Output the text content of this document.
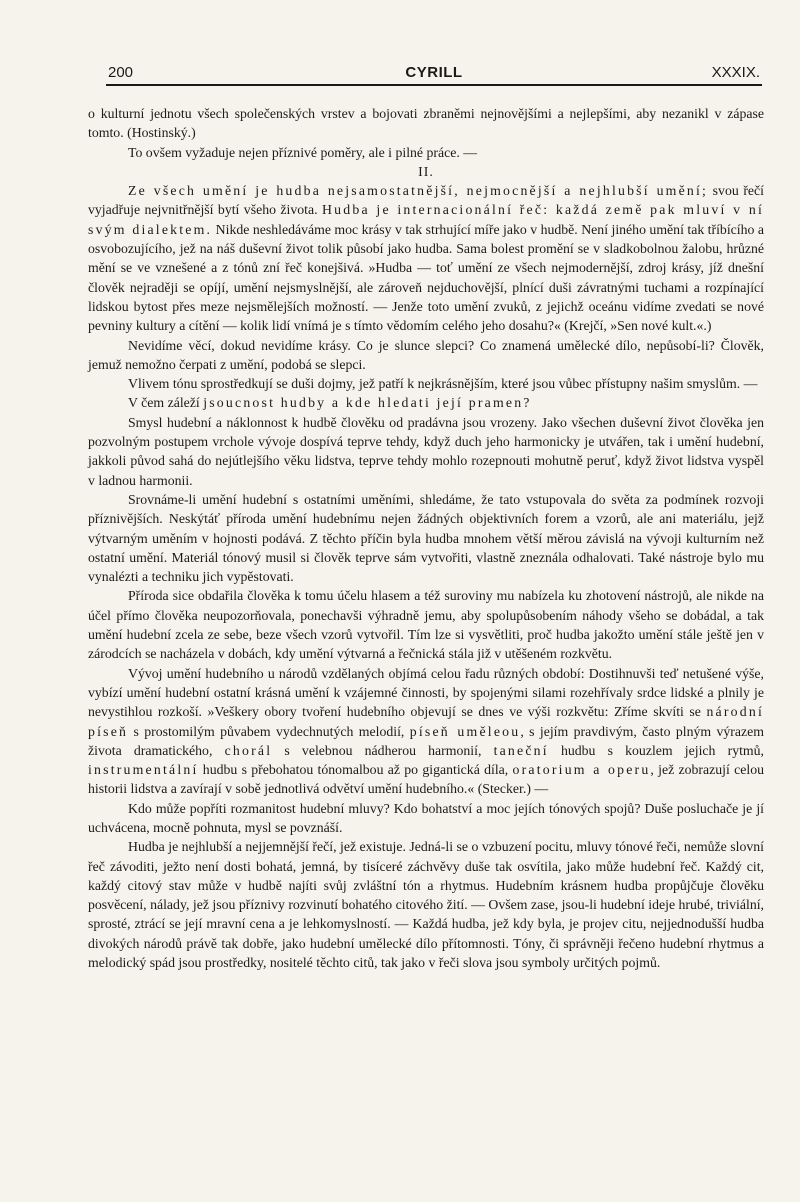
200	CYRILL	XXXIX.

o kulturní jednotu všech společenských vrstev a bojovati zbraněmi nejnovějšími a nejlepšími, aby nezanikl v zápase tomto. (Hostinský.)

To ovšem vyžaduje nejen příznivé poměry, ale i pilné práce. —

II.

Ze všech umění je hudba nejsamostatnější, nejmocnější a nejhlubší umění; svou řečí vyjadřuje nejvnitřnější bytí všeho života. Hudba je internacionální řeč: každá země pak mluví v ní svým dialektem. Nikde neshledáváme moc krásy v tak strhující míře jako v hudbě. Není jiného umění tak tříbícího a osvobozujícího, jež na náš duševní život tolik působí jako hudba. Sama bolest promění se v sladkobolnou žalobu, hrůzné mění se ve vznešené a z tónů zní řeč konejšivá. »Hudba — toť umění ze všech nejmodernější, zdroj krásy, jíž dnešní člověk nejraději se opíjí, umění nejsmyslnější, ale zároveň nejduchovější, plnící duši závratnými tuchami a rozpínající lidskou bytost přes meze nejsmělejších možností. — Jenže toto umění zvuků, z jejichž oceánu vidíme zvedati se nové pevniny kultury a cítění — kolik lidí vnímá je s tímto vědomím celého jeho dosahu?« (Krejčí, »Sen nové kult.«.)

Nevidíme věcí, dokud nevidíme krásy. Co je slunce slepci? Co znamená umělecké dílo, nepůsobí-li? Člověk, jemuž nemožno čerpati z umění, podobá se slepci.

Vlivem tónu sprostředkují se duši dojmy, jež patří k nejkrásnějším, které jsou vůbec přístupny našim smyslům. —

V čem záleží jsoucnost hudby a kde hledati její pramen?

Smysl hudební a náklonnost k hudbě člověku od pradávna jsou vrozeny. Jako všechen duševní život člověka jen pozvolným postupem vrchole vývoje dospívá teprve tehdy, když duch jeho harmonicky je utvářen, tak i umění hudební, jakkoli původ sahá do nejútlejšího věku lidstva, teprve tehdy mohlo rozepnouti mohutně peruť, když život lidstva vyspěl v ladnou harmonii.

Srovnáme-li umění hudební s ostatními uměními, shledáme, že tato vstupovala do světa za podmínek rozvoji příznivějších. Neskýtáť příroda umění hudebnímu nejen žádných objektivních forem a vzorů, ale ani materiálu, jejž výtvarným uměním v hojnosti podává. Z těchto příčin byla hudba mnohem větší měrou závislá na vývoji kulturním než ostatní umění. Materiál tónový musil si člověk teprve sám vytvořiti, vlastně zneznála odhalovati. Také nástroje bylo mu vynalézti a techniku jich vypěstovati.

Příroda sice obdařila člověka k tomu účelu hlasem a též suroviny mu nabízela ku zhotovení nástrojů, ale nikde na účel přímo člověka neupozorňovala, ponechavši výhradně jemu, aby spolupůsobením náhody všeho se dobádal, a tak umění hudební zcela ze sebe, beze všech vzorů vytvořil. Tím lze si vysvětliti, proč hudba jakožto umění stále ještě jen v zárodcích se nacházela v dobách, kdy umění výtvarná a řečnická stála již v utěšeném rozkvětu.

Vývoj umění hudebního u národů vzdělaných objímá celou řadu různých období: Dostihnuvši teď netušené výše, vybízí umění hudební ostatní krásná umění k vzájemné činnosti, by spojenými silami rozehřívaly srdce lidské a plnily je nevystihlou rozkoší. »Veškery obory tvoření hudebního objevují se dnes ve výši rozkvětu: Zříme skvíti se národní píseň s prostomilým půvabem vydechnutých melodií, píseň uměleou, s jejím pravdivým, často plným výrazem života dramatického, chorál s velebnou nádherou harmonií, taneční hudbu s kouzlem jejich rytmů, instrumentální hudbu s přebohatou tónomalbou až po gigantická díla, oratorium a operu, jež zobrazují celou historii lidstva a zavírají v sobě jednotlivá odvětví umění hudebního.« (Stecker.) —

Kdo může popříti rozmanitost hudební mluvy? Kdo bohatství a moc jejích tónových spojů? Duše posluchače je jí uchvácena, mocně pohnuta, mysl se povznáší.

Hudba je nejhlubší a nejjemnější řečí, jež existuje. Jedná-li se o vzbuzení pocitu, mluvy tónové řeči, nemůže slovní řeč závoditi, ježto není dosti bohatá, jemná, by tisíceré záchvěvy duše tak osvítila, jako může hudební řeč. Každý cit, každý citový stav může v hudbě najíti svůj zvláštní tón a rhytmus. Hudebním krásnem hudba propůjčuje člověku posvěcení, nálady, jež jsou příznivy rozvinutí bohatého citového žití. — Ovšem zase, jsou-li hudební ideje hrubé, triviální, sprosté, ztrácí se její mravní cena a je lehkomyslností. — Každá hudba, jež kdy byla, je projev citu, nejjednodušší hudba divokých národů právě tak dobře, jako hudební umělecké dílo přítomnosti. Tóny, či správněji řečeno hudební rhytmus a melodický spád jsou prostředky, nositelé těchto citů, tak jako v řeči slova jsou symboly určitých pojmů.
